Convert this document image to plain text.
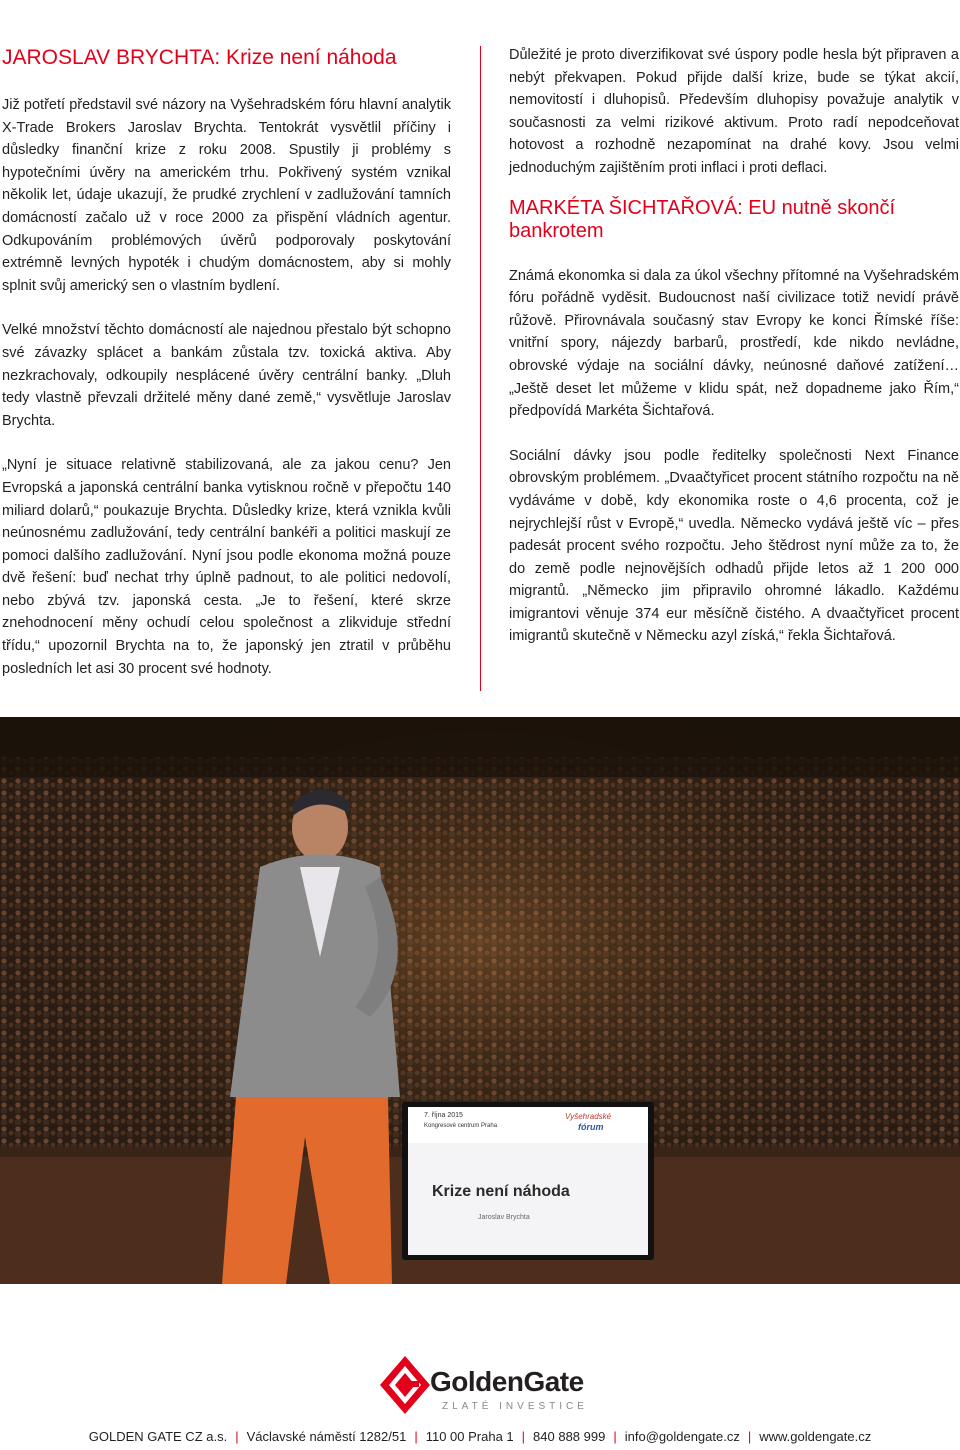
JAROSLAV BRYCHTA: Krize není náhoda

Již potřetí představil své názory na Vyšehradském fóru hlavní analytik X-Trade Brokers Jaroslav Brychta. Tentokrát vysvětlil příčiny i důsledky finanční krize z roku 2008. Spustily ji problémy s hypotečními úvěry na americkém trhu. Pokřivený systém vznikal několik let, údaje ukazují, že prudké zrychlení v zadlužování tamních domácností začalo už v roce 2000 za přispění vládních agentur. Odkupováním problémových úvěrů podporovaly poskytování extrémně levných hypoték i chudým domácnostem, aby si mohly splnit svůj americký sen o vlastním bydlení.

Velké množství těchto domácností ale najednou přestalo být schopno své závazky splácet a bankám zůstala tzv. toxická aktiva. Aby nezkrachovaly, odkoupily nesplácené úvěry centrální banky. „Dluh tedy vlastně převzali držitelé měny dané země,“ vysvětluje Jaroslav Brychta.

„Nyní je situace relativně stabilizovaná, ale za jakou cenu? Jen Evropská a japonská centrální banka vytisknou ročně v přepočtu 140 miliard dolarů,“ poukazuje Brychta. Důsledky krize, která vznikla kvůli neúnosnému zadlužování, tedy centrální bankéři a politici maskují ze pomoci dalšího zadlužování. Nyní jsou podle ekonoma možná pouze dvě řešení: buď nechat trhy úplně padnout, to ale politici nedovolí, nebo zbývá tzv. japonská cesta. „Je to řešení, které skrze znehodnocení měny ochudí celou společnost a zlikviduje střední třídu,“ upozornil Brychta na to, že japonský jen ztratil v průběhu posledních let asi 30 procent své hodnoty.

Důležité je proto diverzifikovat své úspory podle hesla být připraven a nebýt překvapen. Pokud přijde další krize, bude se týkat akcií, nemovitostí i dluhopisů. Především dluhopisy považuje analytik v současnosti za velmi rizikové aktivum. Proto radí nepodceňovat hotovost a rozhodně nezapomínat na drahé kovy. Jsou velmi jednoduchým zajištěním proti inflaci i proti deflaci.

MARKÉTA ŠICHTAŘOVÁ: EU nutně skončí bankrotem

Známá ekonomka si dala za úkol všechny přítomné na Vyšehradském fóru pořádně vyděsit. Budoucnost naší civilizace totiž nevidí právě růžově. Přirovnávala současný stav Evropy ke konci Římské říše: vnitřní spory, nájezdy barbarů, prostředí, kde nikdo nevládne, obrovské výdaje na sociální dávky, neúnosné daňové zatížení… „Ještě deset let můžeme v klidu spát, než dopadneme jako Řím,“ předpovídá Markéta Šichtařová.

Sociální dávky jsou podle ředitelky společnosti Next Finance obrovským problémem. „Dvaačtyřicet procent státního rozpočtu na ně vydáváme v době, kdy ekonomika roste o 4,6 procenta, což je nejrychlejší růst v Evropě,“ uvedla. Německo vydává ještě víc – přes padesát procent svého rozpočtu. Jeho štědrost nyní může za to, že do země podle nejnovějších odhadů přijde letos až 1 200 000 migrantů. „Německo jim připravilo ohromné lákadlo. Každému imigrantovi věnuje 374 eur měsíčně čistého. A dvaačtyřicet procent imigrantů skutečně v Německu azyl získá,“ řekla Šichtařová.

7. října 2015
Kongresové centrum Praha
Vyšehradské
fórum
Krize není náhoda
Jaroslav Brychta
GoldenGate
ZLATÉ INVESTICE
GOLDEN GATE CZ a.s. | Václavské náměstí 1282/51 | 110 00 Praha 1 | 840 888 999 | info@goldengate.cz | www.goldengate.cz
